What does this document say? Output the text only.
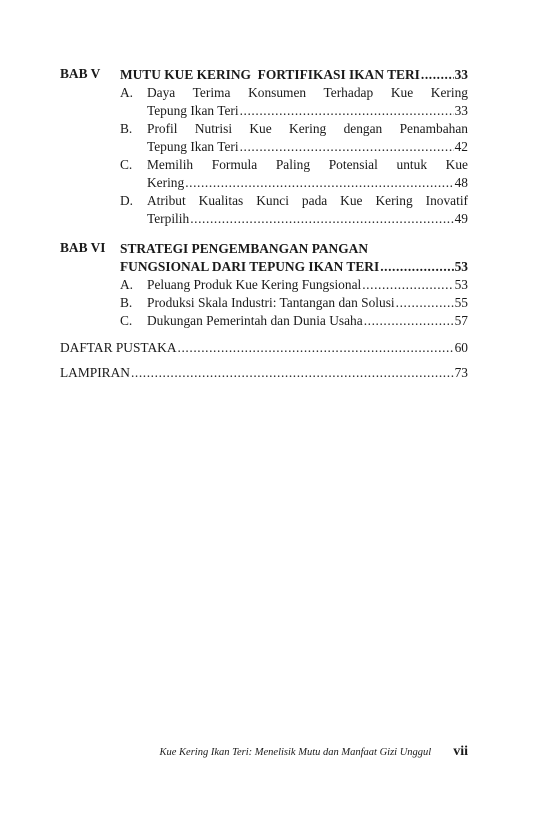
BAB V MUTU KUE KERING  FORTIFIKASI IKAN TERI .....	33
A. Daya Terima Konsumen Terhadap Kue Kering
Tepung Ikan Teri .....	33
B. Profil Nutrisi Kue Kering dengan Penambahan
Tepung Ikan Teri .....	42
C. Memilih Formula Paling Potensial untuk Kue
Kering .....	48
D. Atribut Kualitas Kunci pada Kue Kering Inovatif
Terpilih .....	49
BAB VI STRATEGI PENGEMBANGAN PANGAN
FUNGSIONAL DARI TEPUNG IKAN TERI .....	53
A. Peluang Produk Kue Kering Fungsional .....	53
B. Produksi Skala Industri: Tantangan dan Solusi .....	55
C. Dukungan Pemerintah dan Dunia Usaha .....	57
DAFTAR PUSTAKA .....	60
LAMPIRAN .....	73
Kue Kering Ikan Teri: Menelisik Mutu dan Manfaat Gizi Unggul vii
